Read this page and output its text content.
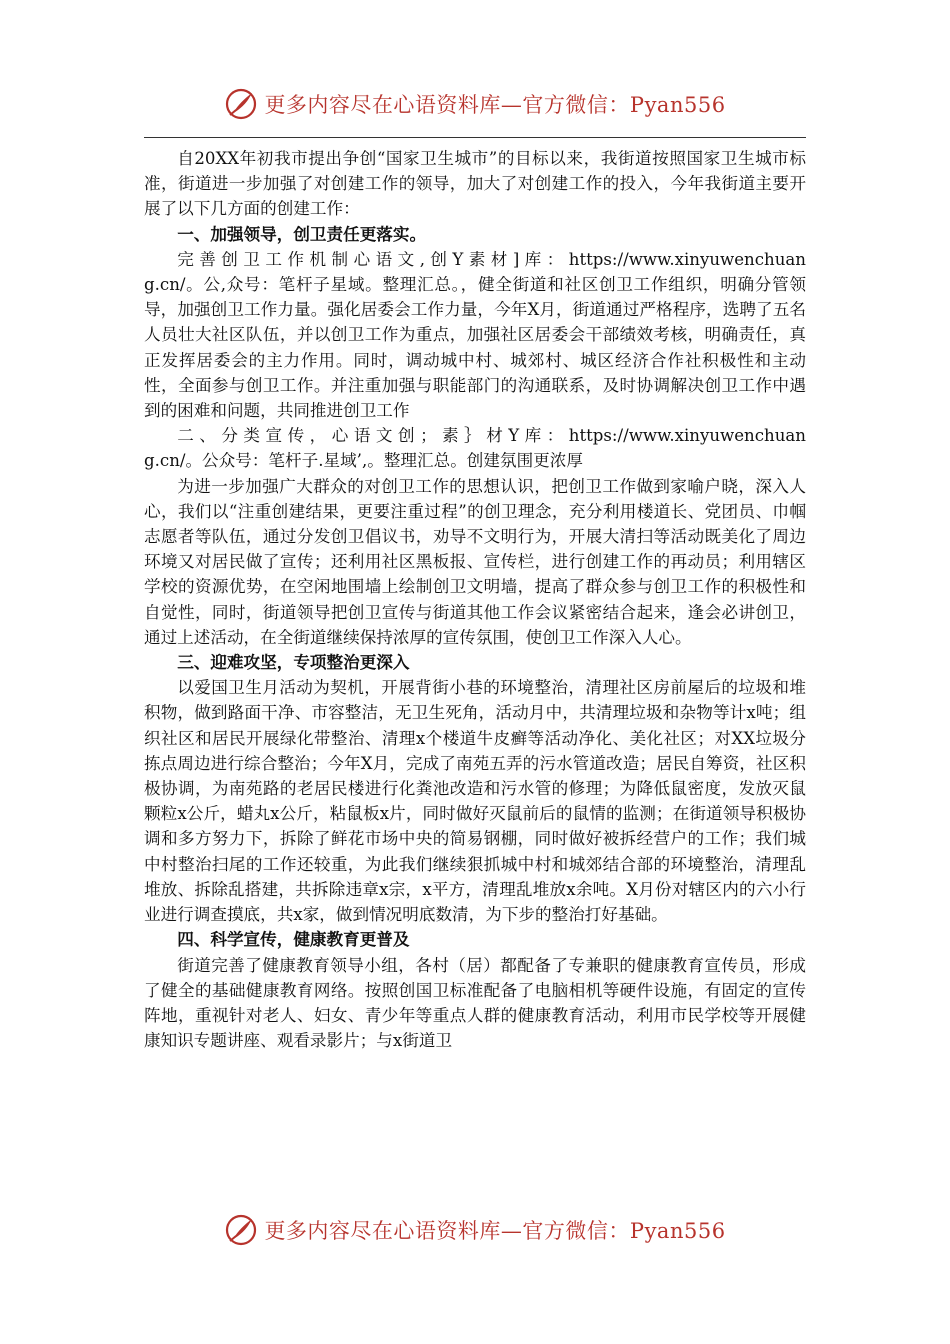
更多内容尽在心语资料库—官方微信：Pyan556

自20XX年初我市提出争创“国家卫生城市”的目标以来，我街道按照国家卫生城市标准，街道进一步加强了对创建工作的领导，加大了对创建工作的投入，今年我街道主要开展了以下几方面的创建工作：

一、加强领导，创卫责任更落实。

完 善 创 卫 工 作 机 制 心 语 文 , 创 Y 素 材 ] 库 ： https://www.xinyuwenchuang.cn/。公,众号：笔杆子星域。整理汇总。，健全街道和社区创卫工作组织，明确分管领导，加强创卫工作力量。强化居委会工作力量，今年X月，街道通过严格程序，选聘了五名人员壮大社区队伍，并以创卫工作为重点，加强社区居委会干部绩效考核，明确责任，真正发挥居委会的主力作用。同时，调动城中村、城郊村、城区经济合作社积极性和主动性，全面参与创卫工作。并注重加强与职能部门的沟通联系，及时协调解决创卫工作中遇到的困难和问题，共同推进创卫工作

二 、 分 类 宣 传 ， 心 语 文 创 ； 素 ｝ 材 Y 库 ： https://www.xinyuwenchuang.cn/。公众号：笔杆子.星域’,。整理汇总。创建氛围更浓厚

为进一步加强广大群众的对创卫工作的思想认识，把创卫工作做到家喻户晓，深入人心，我们以“注重创建结果，更要注重过程”的创卫理念，充分利用楼道长、党团员、巾帼志愿者等队伍，通过分发创卫倡议书，劝导不文明行为，开展大清扫等活动既美化了周边环境又对居民做了宣传；还利用社区黑板报、宣传栏，进行创建工作的再动员；利用辖区学校的资源优势，在空闲地围墙上绘制创卫文明墙，提高了群众参与创卫工作的积极性和自觉性，同时，街道领导把创卫宣传与街道其他工作会议紧密结合起来，逢会必讲创卫，通过上述活动，在全街道继续保持浓厚的宣传氛围，使创卫工作深入人心。

三、迎难攻坚，专项整治更深入

以爱国卫生月活动为契机，开展背街小巷的环境整治，清理社区房前屋后的垃圾和堆积物，做到路面干净、市容整洁，无卫生死角，活动月中，共清理垃圾和杂物等计x吨；组织社区和居民开展绿化带整治、清理x个楼道牛皮癣等活动净化、美化社区；对XX垃圾分拣点周边进行综合整治；今年X月，完成了南苑五弄的污水管道改造；居民自筹资，社区积极协调，为南苑路的老居民楼进行化粪池改造和污水管的修理；为降低鼠密度，发放灭鼠颗粒x公斤，蜡丸x公斤，粘鼠板x片，同时做好灭鼠前后的鼠情的监测；在街道领导积极协调和多方努力下，拆除了鲜花市场中央的简易钢棚，同时做好被拆经营户的工作；我们城中村整治扫尾的工作还较重，为此我们继续狠抓城中村和城郊结合部的环境整治，清理乱堆放、拆除乱搭建，共拆除违章x宗，x平方，清理乱堆放x余吨。X月份对辖区内的六小行业进行调查摸底，共x家，做到情况明底数清，为下步的整治打好基础。

四、科学宣传，健康教育更普及

街道完善了健康教育领导小组，各村（居）都配备了专兼职的健康教育宣传员，形成了健全的基础健康教育网络。按照创国卫标准配备了电脑相机等硬件设施，有固定的宣传阵地，重视针对老人、妇女、青少年等重点人群的健康教育活动，利用市民学校等开展健康知识专题讲座、观看录影片；与x街道卫

更多内容尽在心语资料库—官方微信：Pyan556
